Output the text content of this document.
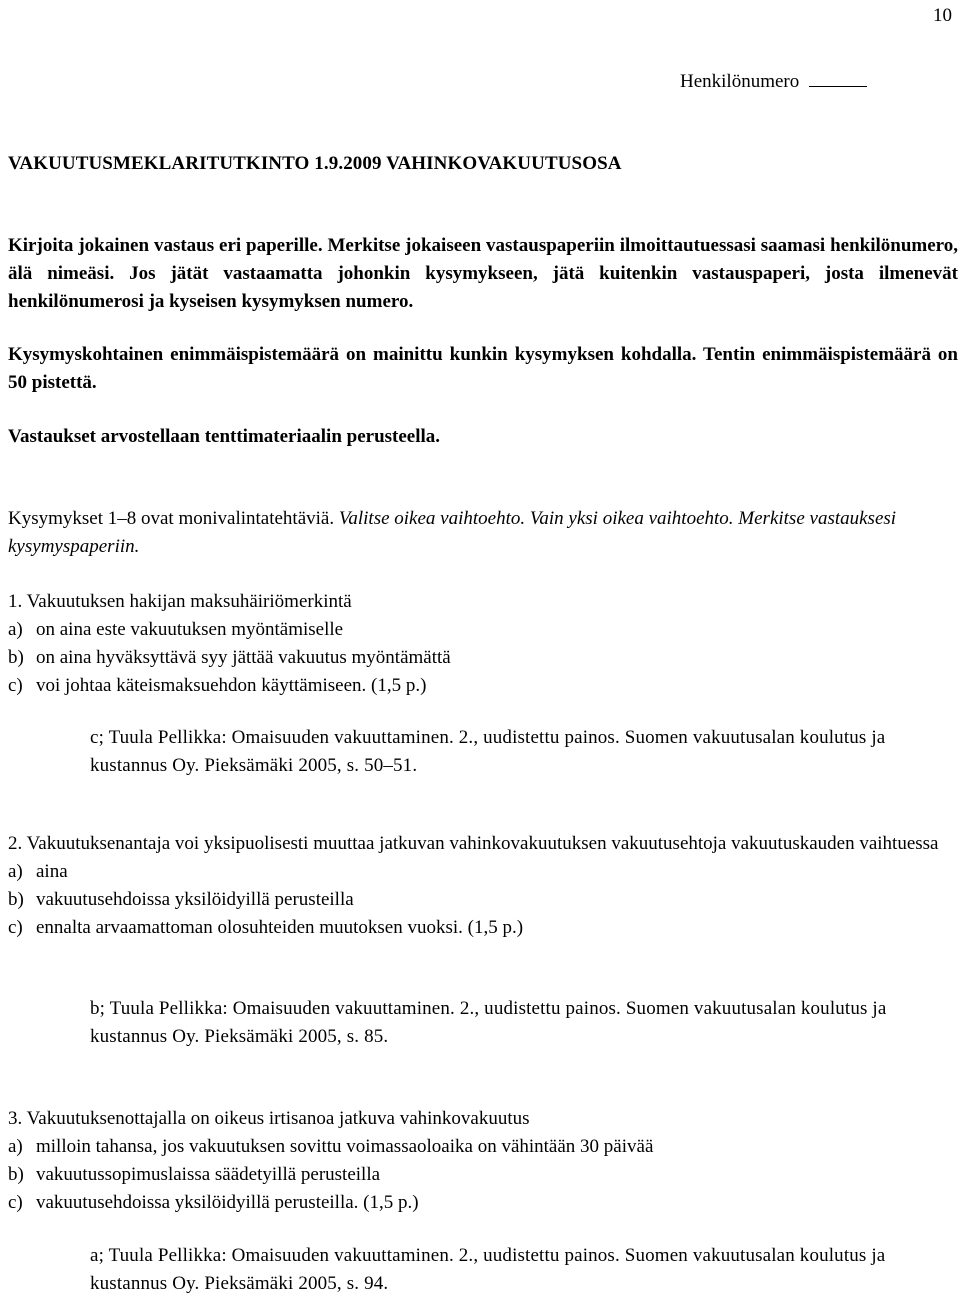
10
Henkilönumero
VAKUUTUSMEKLARITUTKINTO 1.9.2009 VAHINKOVAKUUTUSOSA
Kirjoita jokainen vastaus eri paperille. Merkitse jokaiseen vastauspaperiin ilmoittautuessasi saamasi henkilönumero, älä nimeäsi. Jos jätät vastaamatta johonkin kysymykseen, jätä kuitenkin vastauspaperi, josta ilmenevät henkilönumerosi ja kyseisen kysymyksen numero.
Kysymyskohtainen enimmäispistemäärä on mainittu kunkin kysymyksen kohdalla. Tentin enimmäispistemäärä on 50 pistettä.
Vastaukset arvostellaan tenttimateriaalin perusteella.
Kysymykset 1–8 ovat monivalintatehtäviä. Valitse oikea vaihtoehto. Vain yksi oikea vaihtoehto. Merkitse vastauksesi kysymyspaperiin.

1. Vakuutuksen hakijan maksuhäiriömerkintä

a) on aina este vakuutuksen myöntämiselle
b) on aina hyväksyttävä syy jättää vakuutus myöntämättä
c) voi johtaa käteismaksuehdon käyttämiseen. (1,5 p.)
c; Tuula Pellikka: Omaisuuden vakuuttaminen. 2., uudistettu painos. Suomen vakuutusalan koulutus ja kustannus Oy. Pieksämäki 2005, s. 50–51.

2. Vakuutuksenantaja voi yksipuolisesti muuttaa jatkuvan vahinkovakuutuksen vakuutusehtoja vakuutuskauden vaihtuessa

a) aina
b) vakuutusehdoissa yksilöidyillä perusteilla
c) ennalta arvaamattoman olosuhteiden muutoksen vuoksi. (1,5 p.)
b; Tuula Pellikka: Omaisuuden vakuuttaminen. 2., uudistettu painos. Suomen vakuutusalan koulutus ja kustannus Oy. Pieksämäki 2005, s. 85.

3. Vakuutuksenottajalla on oikeus irtisanoa jatkuva vahinkovakuutus

a) milloin tahansa, jos vakuutuksen sovittu voimassaoloaika on vähintään 30 päivää
b) vakuutussopimuslaissa säädetyillä perusteilla
c) vakuutusehdoissa yksilöidyillä perusteilla. (1,5 p.)
a; Tuula Pellikka: Omaisuuden vakuuttaminen. 2., uudistettu painos. Suomen vakuutusalan koulutus ja kustannus Oy. Pieksämäki 2005, s. 94.
